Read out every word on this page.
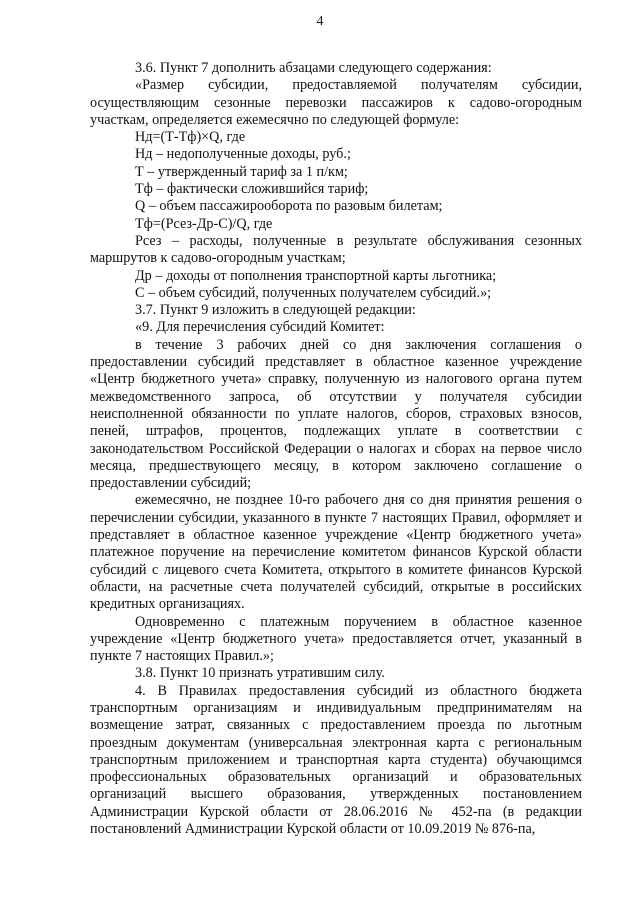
4

3.6. Пункт 7 дополнить абзацами следующего содержания:

«Размер субсидии, предоставляемой получателям субсидии, осуществляющим сезонные перевозки пассажиров к садово-огородным участкам, определяется ежемесячно по следующей формуле:

Нд=(Т-Тф)×Q, где

Нд – недополученные доходы, руб.;

Т – утвержденный тариф за 1 п/км;

Тф – фактически сложившийся тариф;

Q – объем пассажирооборота по разовым билетам;

Тф=(Рсез-Др-С)/Q, где

Рсез – расходы, полученные в результате обслуживания сезонных маршрутов к садово-огородным участкам;

Др – доходы от пополнения транспортной карты льготника;

С – объем субсидий, полученных получателем субсидий.»;

3.7. Пункт 9 изложить в следующей редакции:

«9. Для перечисления субсидий Комитет:

в течение 3 рабочих дней со дня заключения соглашения о предоставлении субсидий представляет в областное казенное учреждение «Центр бюджетного учета» справку, полученную из налогового органа путем межведомственного запроса, об отсутствии у получателя субсидии неисполненной обязанности по уплате налогов, сборов, страховых взносов, пеней, штрафов, процентов, подлежащих уплате в соответствии с законодательством Российской Федерации о налогах и сборах на первое число месяца, предшествующего месяцу, в котором заключено соглашение о предоставлении субсидий;

ежемесячно, не позднее 10-го рабочего дня со дня принятия решения о перечислении субсидии, указанного в пункте 7 настоящих Правил, оформляет и представляет в областное казенное учреждение «Центр бюджетного учета» платежное поручение на перечисление комитетом финансов Курской области субсидий с лицевого счета Комитета, открытого в комитете финансов Курской области, на расчетные счета получателей субсидий, открытые в российских кредитных организациях.

Одновременно с платежным поручением в областное казенное учреждение «Центр бюджетного учета» предоставляется отчет, указанный в пункте 7 настоящих Правил.»;

3.8. Пункт 10 признать утратившим силу.

4. В Правилах предоставления субсидий из областного бюджета транспортным организациям и индивидуальным предпринимателям на возмещение затрат, связанных с предоставлением проезда по льготным проездным документам (универсальная электронная карта с региональным транспортным приложением и транспортная карта студента) обучающимся профессиональных образовательных организаций и образовательных организаций высшего образования, утвержденных постановлением Администрации Курской области от 28.06.2016 № 452-па (в редакции постановлений Администрации Курской области от 10.09.2019 № 876-па,
